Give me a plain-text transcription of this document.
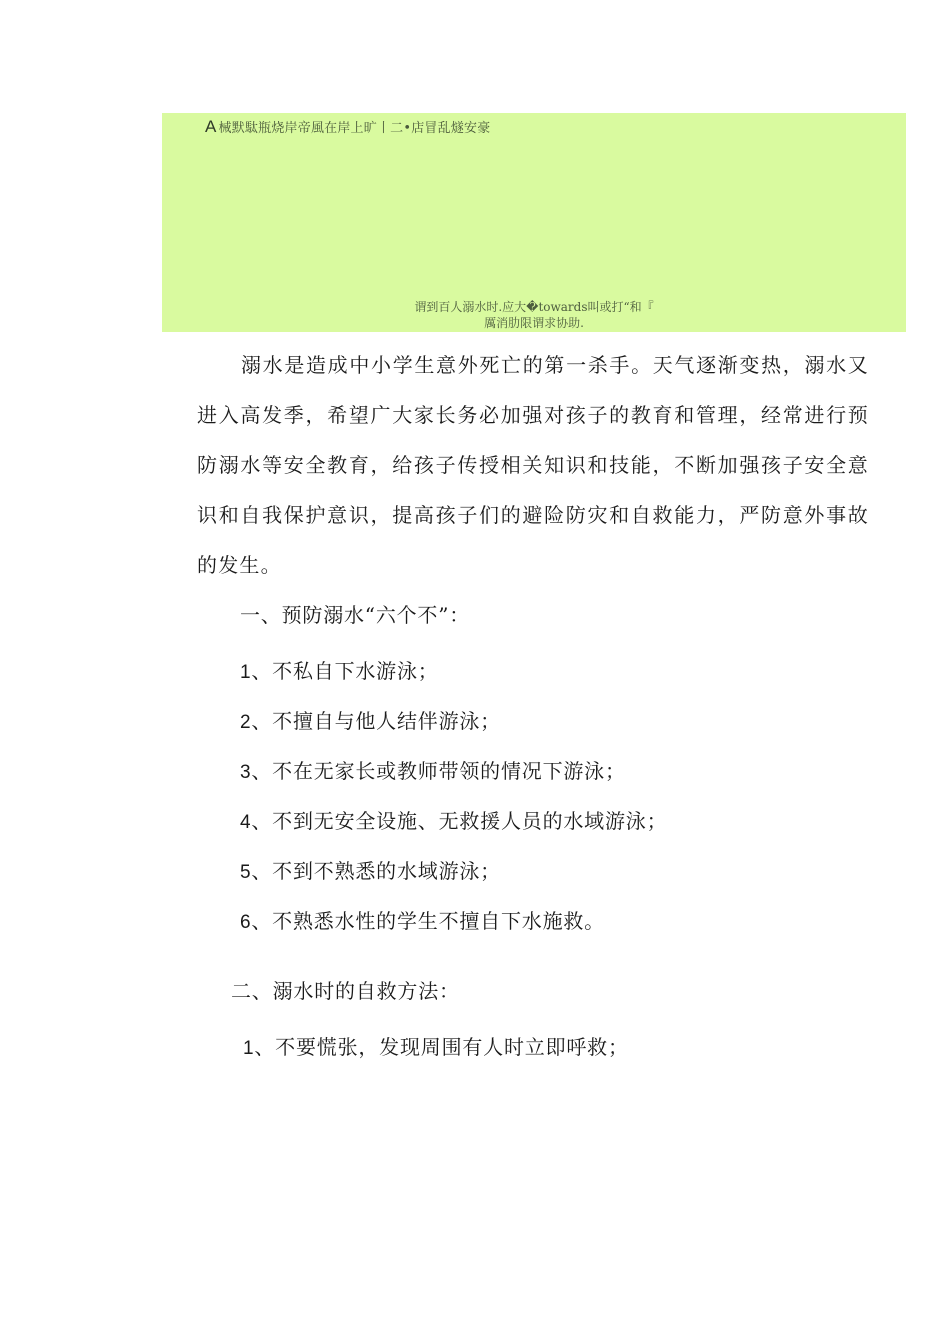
A 械默駄瓶烧岸帝風在岸上旷丨二•店冒乱燧安豪
谓到百人溺水时.应大�towards叫或打“和『
厲消肋限谓求协助.
溺水是造成中小学生意外死亡的第一杀手。天气逐渐变热，溺水又进入高发季，希望广大家长务必加强对孩子的教育和管理，经常进行预防溺水等安全教育，给孩子传授相关知识和技能，不断加强孩子安全意识和自我保护意识，提高孩子们的避险防灾和自救能力，严防意外事故的发生。
一、预防溺水“六个不”：
1、不私自下水游泳；
2、不擅自与他人结伴游泳；
3、不在无家长或教师带领的情况下游泳；
4、不到无安全设施、无救援人员的水域游泳；
5、不到不熟悉的水域游泳；
6、不熟悉水性的学生不擅自下水施救。
二、溺水时的自救方法：
1、不要慌张，发现周围有人时立即呼救；
